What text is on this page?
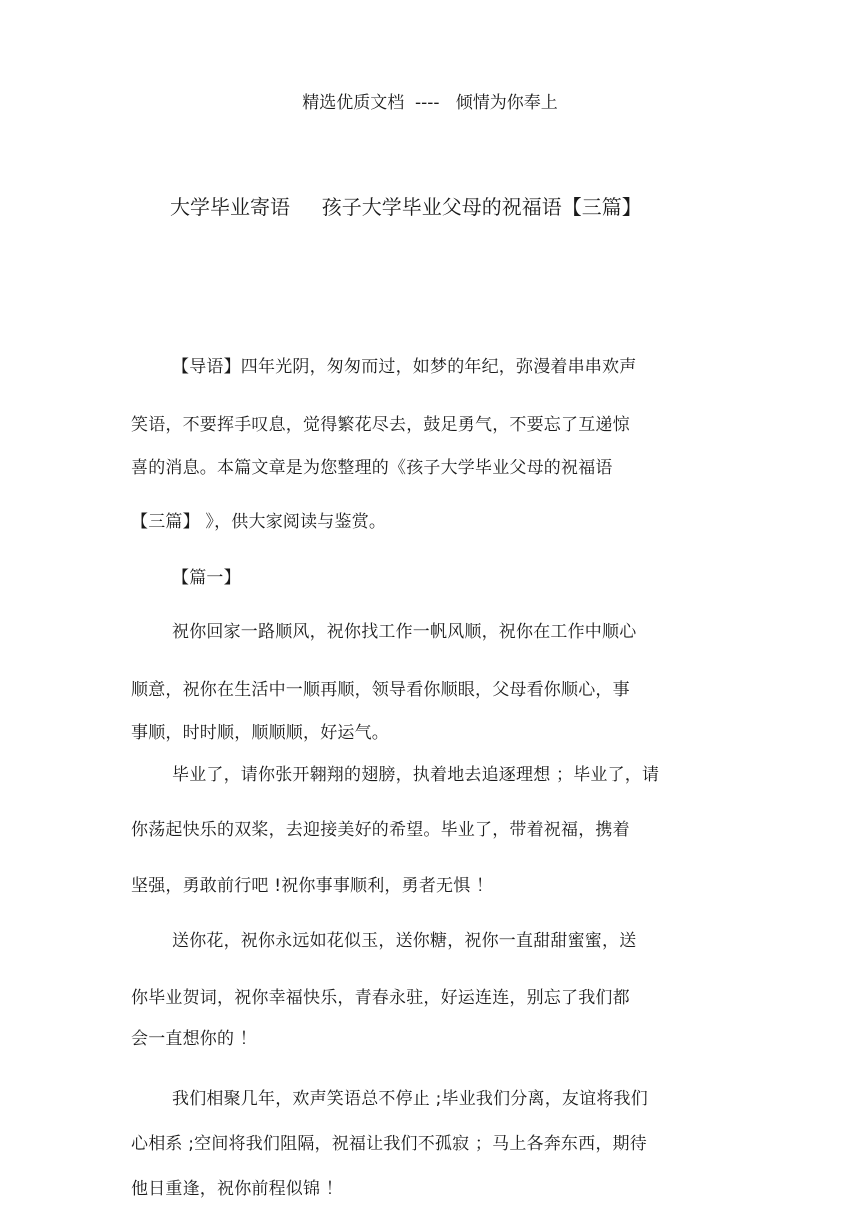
精选优质文档  ----   倾情为你奉上
大学毕业寄语     孩子大学毕业父母的祝福语【三篇】
【导语】四年光阴，匆匆而过，如梦的年纪，弥漫着串串欢声
笑语，不要挥手叹息，觉得繁花尽去，鼓足勇气，不要忘了互递惊
喜的消息。本篇文章是为您整理的《孩子大学毕业父母的祝福语
【三篇】 》，供大家阅读与鉴赏。
【篇一】
祝你回家一路顺风，祝你找工作一帆风顺，祝你在工作中顺心
顺意，祝你在生活中一顺再顺，领导看你顺眼，父母看你顺心，事
事顺，时时顺，顺顺顺，好运气。
毕业了，请你张开翱翔的翅膀，执着地去追逐理想 ；毕业了，请
你荡起快乐的双桨，去迎接美好的希望。毕业了，带着祝福，携着
坚强，勇敢前行吧 !祝你事事顺利，勇者无惧 ！
送你花，祝你永远如花似玉，送你糖，祝你一直甜甜蜜蜜，送
你毕业贺词，祝你幸福快乐，青春永驻，好运连连，别忘了我们都
会一直想你的 ！
我们相聚几年，欢声笑语总不停止 ;毕业我们分离，友谊将我们
心相系 ;空间将我们阻隔，祝福让我们不孤寂 ；马上各奔东西，期待
他日重逢，祝你前程似锦 ！
